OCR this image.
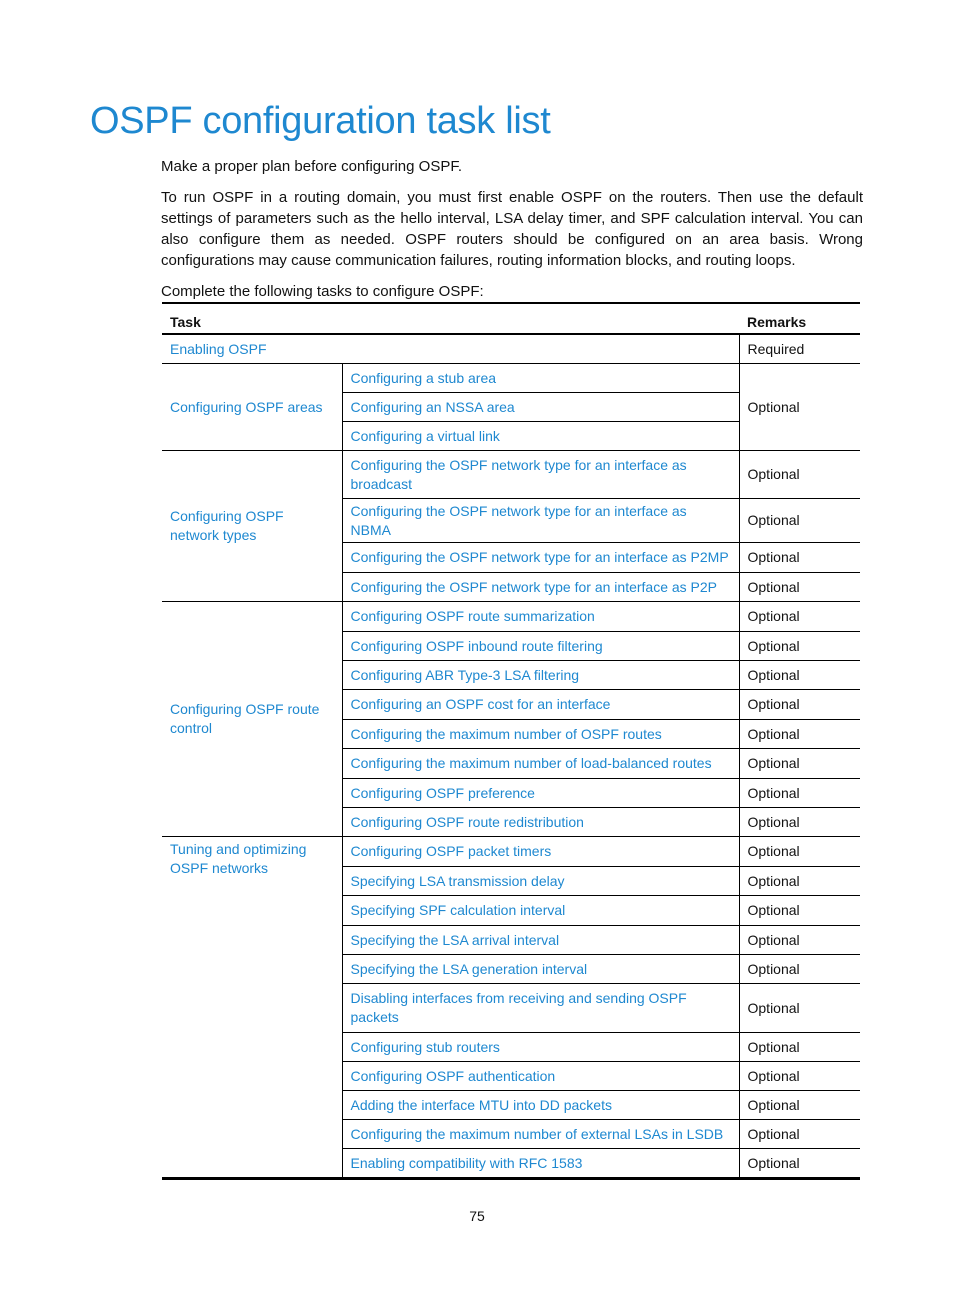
OSPF configuration task list

Make a proper plan before configuring OSPF.

To run OSPF in a routing domain, you must first enable OSPF on the routers. Then use the default settings of parameters such as the hello interval, LSA delay timer, and SPF calculation interval. You can also configure them as needed. OSPF routers should be configured on an area basis. Wrong configurations may cause communication failures, routing information blocks, and routing loops.

Complete the following tasks to configure OSPF:

Task		Remarks
Enabling OSPF		Required
Configuring OSPF areas	Configuring a stub area	Optional
	Configuring an NSSA area	
	Configuring a virtual link	
Configuring OSPF network types	Configuring the OSPF network type for an interface as broadcast	Optional
	Configuring the OSPF network type for an interface as NBMA	Optional
	Configuring the OSPF network type for an interface as P2MP	Optional
	Configuring the OSPF network type for an interface as P2P	Optional
Configuring OSPF route control	Configuring OSPF route summarization	Optional
	Configuring OSPF inbound route filtering	Optional
	Configuring ABR Type-3 LSA filtering	Optional
	Configuring an OSPF cost for an interface	Optional
	Configuring the maximum number of OSPF routes	Optional
	Configuring the maximum number of load-balanced routes	Optional
	Configuring OSPF preference	Optional
	Configuring OSPF route redistribution	Optional
Tuning and optimizing OSPF networks	Configuring OSPF packet timers	Optional
	Specifying LSA transmission delay	Optional
	Specifying SPF calculation interval	Optional
	Specifying the LSA arrival interval	Optional
	Specifying the LSA generation interval	Optional
	Disabling interfaces from receiving and sending OSPF packets	Optional
	Configuring stub routers	Optional
	Configuring OSPF authentication	Optional
	Adding the interface MTU into DD packets	Optional
	Configuring the maximum number of external LSAs in LSDB	Optional
	Enabling compatibility with RFC 1583	Optional
75
